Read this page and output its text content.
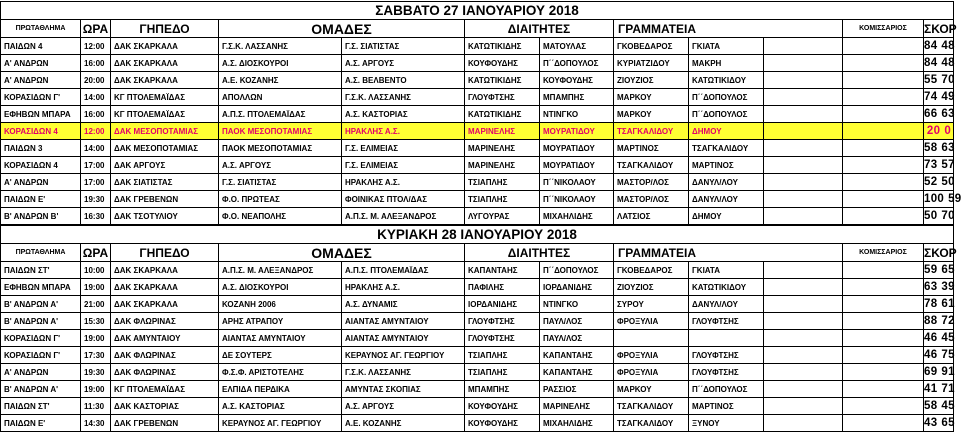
ΣΑΒΒΑΤΟ 27 ΙΑΝΟΥΑΡΙΟΥ 2018											
ΠΡΩΤΑΘΛΗΜΑ	ΩΡΑ	ΓΗΠΕΔΟ	ΟΜΑΔΕΣ		ΔΙΑΙΤΗΤΕΣ		ΓΡΑΜΜΑΤΕΙΑ			ΚΟΜΙΣΣΑΡΙΟΣ	ΣΚΟΡ
ΠΑΙΔΩΝ 4	12:00	ΔΑΚ ΣΚΑΡΚΑΛΑ	Γ.Σ.Κ. ΛΑΣΣΑΝΗΣ	Γ.Σ. ΣΙΑΤΙΣΤΑΣ	ΚΑΤΩΤΙΚΙΔΗΣ	ΜΑΤΟΥΛΑΣ	ΓΚΟΒΕΔΑΡΟΣ	ΓΚΙΑΤΑ			84 48
Α' ΑΝΔΡΩΝ	16:00	ΔΑΚ ΣΚΑΡΚΑΛΑ	Α.Σ. ΔΙΟΣΚΟΥΡΟΙ	Α.Σ. ΑΡΓΟΥΣ	ΚΟΥΦΟΥΔΗΣ	Π΄΄ΔΟΠΟΥΛΟΣ	ΚΥΡΙΑΤΖΙΔΟΥ	ΜΑΚΡΗ			84 48
Α' ΑΝΔΡΩΝ	20:00	ΔΑΚ ΣΚΑΡΚΑΛΑ	Α.Ε. ΚΟΖΑΝΗΣ	Α.Σ. ΒΕΛΒΕΝΤΟ	ΚΑΤΩΤΙΚΙΔΗΣ	ΚΟΥΦΟΥΔΗΣ	ΖΙΟΥΖΙΟΣ	ΚΑΤΩΤΙΚΙΔΟΥ			55 70
ΚΟΡΑΣΙΔΩΝ Γ'	14:00	ΚΓ ΠΤΟΛΕΜΑΪΔΑΣ	ΑΠΟΛΛΩΝ	Γ.Σ.Κ. ΛΑΣΣΑΝΗΣ	ΓΛΟΥΦΤΣΗΣ	ΜΠΑΜΠΗΣ	ΜΑΡΚΟΥ	Π΄΄ΔΟΠΟΥΛΟΣ			74 49
ΕΦΗΒΩΝ ΜΠΑΡΑ	16:00	ΚΓ ΠΤΟΛΕΜΑΪΔΑΣ	Α.Π.Σ. ΠΤΟΛΕΜΑΪΔΑΣ	Α.Σ. ΚΑΣΤΟΡΙΑΣ	ΚΑΤΩΤΙΚΙΔΗΣ	ΝΤΙΝΓΚΟ	ΜΑΡΚΟΥ	Π΄΄ΔΟΠΟΥΛΟΣ			66 63
ΚΟΡΑΣΙΔΩΝ 4	12:00	ΔΑΚ ΜΕΣΟΠΟΤΑΜΙΑΣ	ΠΑΟΚ ΜΕΣΟΠΟΤΑΜΙΑΣ	ΗΡΑΚΛΗΣ Α.Σ.	ΜΑΡΙΝΕΛΗΣ	ΜΟΥΡΑΤΙΔΟΥ	ΤΣΑΓΚΑΛΙΔΟΥ	ΔΗΜΟΥ			20 0
ΠΑΙΔΩΝ 3	14:00	ΔΑΚ ΜΕΣΟΠΟΤΑΜΙΑΣ	ΠΑΟΚ ΜΕΣΟΠΟΤΑΜΙΑΣ	Γ.Σ. ΕΛΙΜΕΙΑΣ	ΜΑΡΙΝΕΛΗΣ	ΜΟΥΡΑΤΙΔΟΥ	ΜΑΡΤΙΝΟΣ	ΤΣΑΓΚΑΛΙΔΟΥ			58 63
ΚΟΡΑΣΙΔΩΝ 4	17:00	ΔΑΚ ΑΡΓΟΥΣ	Α.Σ. ΑΡΓΟΥΣ	Γ.Σ. ΕΛΙΜΕΙΑΣ	ΜΑΡΙΝΕΛΗΣ	ΜΟΥΡΑΤΙΔΟΥ	ΤΣΑΓΚΑΛΙΔΟΥ	ΜΑΡΤΙΝΟΣ			73 57
Α' ΑΝΔΡΩΝ	17:00	ΔΑΚ ΣΙΑΤΙΣΤΑΣ	Γ.Σ. ΣΙΑΤΙΣΤΑΣ	ΗΡΑΚΛΗΣ Α.Σ.	ΤΣΙΑΠΛΗΣ	Π΄΄ΝΙΚΟΛΑΟΥ	ΜΑΣΤΟΡ/ΛΟΣ	ΔΑΝΥΛ/ΛΟΥ			52 50
ΠΑΙΔΩΝ Ε'	19:30	ΔΑΚ ΓΡΕΒΕΝΩΝ	Φ.Ο. ΠΡΩΤΕΑΣ	ΦΟΙΝΙΚΑΣ ΠΤΟΛ/ΔΑΣ	ΤΣΙΑΠΛΗΣ	Π΄΄ΝΙΚΟΛΑΟΥ	ΜΑΣΤΟΡ/ΛΟΣ	ΔΑΝΥΛ/ΛΟΥ			100 59
Β' ΑΝΔΡΩΝ Β'	16:30	ΔΑΚ ΤΣΟΤΥΛΙΟΥ	Φ.Ο. ΝΕΑΠΟΛΗΣ	Α.Π.Σ. Μ. ΑΛΕΞΑΝΔΡΟΣ	ΛΥΓΟΥΡΑΣ	ΜΙΧΑΗΛΙΔΗΣ	ΛΑΤΣΙΟΣ	ΔΗΜΟΥ			50 70
ΚΥΡΙΑΚΗ 28 ΙΑΝΟΥΑΡΙΟΥ 2018											
ΠΡΩΤΑΘΛΗΜΑ	ΩΡΑ	ΓΗΠΕΔΟ	ΟΜΑΔΕΣ		ΔΙΑΙΤΗΤΕΣ		ΓΡΑΜΜΑΤΕΙΑ			ΚΟΜΙΣΣΑΡΙΟΣ	ΣΚΟΡ
ΠΑΙΔΩΝ ΣΤ'	10:00	ΔΑΚ ΣΚΑΡΚΑΛΑ	Α.Π.Σ. Μ. ΑΛΕΞΑΝΔΡΟΣ	Α.Π.Σ. ΠΤΟΛΕΜΑΪΔΑΣ	ΚΑΠΑΝΤΑΗΣ	Π΄΄ΔΟΠΟΥΛΟΣ	ΓΚΟΒΕΔΑΡΟΣ	ΓΚΙΑΤΑ			59 65
ΕΦΗΒΩΝ ΜΠΑΡΑ	19:00	ΔΑΚ ΣΚΑΡΚΑΛΑ	Α.Σ. ΔΙΟΣΚΟΥΡΟΙ	ΗΡΑΚΛΗΣ Α.Σ.	ΠΑΦΙΛΗΣ	ΙΟΡΔΑΝΙΔΗΣ	ΖΙΟΥΖΙΟΣ	ΚΑΤΩΤΙΚΙΔΟΥ			63 39
Β' ΑΝΔΡΩΝ Α'	21:00	ΔΑΚ ΣΚΑΡΚΑΛΑ	ΚΟΖΑΝΗ 2006	Α.Σ. ΔΥΝΑΜΙΣ	ΙΟΡΔΑΝΙΔΗΣ	ΝΤΙΝΓΚΟ	ΣΥΡΟΥ	ΔΑΝΥΛ/ΛΟΥ			78 61
Β' ΑΝΔΡΩΝ Α'	15:30	ΔΑΚ ΦΛΩΡΙΝΑΣ	ΑΡΗΣ ΑΤΡΑΠΟΥ	ΑΙΑΝΤΑΣ ΑΜΥΝΤΑΙΟΥ	ΓΛΟΥΦΤΣΗΣ	ΠΑΥΛ/ΛΟΣ	ΦΡΟΞΥΛΙΑ	ΓΛΟΥΦΤΣΗΣ			88 72
ΚΟΡΑΣΙΔΩΝ Γ'	19:00	ΔΑΚ ΑΜΥΝΤΑΙΟΥ	ΑΙΑΝΤΑΣ ΑΜΥΝΤΑΙΟΥ	ΑΙΑΝΤΑΣ ΑΜΥΝΤΑΙΟΥ	ΓΛΟΥΦΤΣΗΣ	ΠΑΥΛ/ΛΟΣ					46 45
ΚΟΡΑΣΙΔΩΝ Γ'	17:30	ΔΑΚ ΦΛΩΡΙΝΑΣ	ΔΕ ΣΟΥΤΕΡΣ	ΚΕΡΑΥΝΟΣ ΑΓ. ΓΕΩΡΓΙΟΥ	ΤΣΙΑΠΛΗΣ	ΚΑΠΑΝΤΑΗΣ	ΦΡΟΞΥΛΙΑ	ΓΛΟΥΦΤΣΗΣ			46 75
Α' ΑΝΔΡΩΝ	19:30	ΔΑΚ ΦΛΩΡΙΝΑΣ	Φ.Σ.Φ. ΑΡΙΣΤΟΤΕΛΗΣ	Γ.Σ.Κ. ΛΑΣΣΑΝΗΣ	ΤΣΙΑΠΛΗΣ	ΚΑΠΑΝΤΑΗΣ	ΦΡΟΞΥΛΙΑ	ΓΛΟΥΦΤΣΗΣ			69 91
Β' ΑΝΔΡΩΝ Α'	19:00	ΚΓ ΠΤΟΛΕΜΑΪΔΑΣ	ΕΛΠΙΔΑ ΠΕΡΔΙΚΑ	ΑΜΥΝΤΑΣ ΣΚΟΠΙΑΣ	ΜΠΑΜΠΗΣ	ΡΑΣΣΙΟΣ	ΜΑΡΚΟΥ	Π΄΄ΔΟΠΟΥΛΟΣ			41 71
ΠΑΙΔΩΝ ΣΤ'	11:30	ΔΑΚ ΚΑΣΤΟΡΙΑΣ	Α.Σ. ΚΑΣΤΟΡΙΑΣ	Α.Σ. ΑΡΓΟΥΣ	ΚΟΥΦΟΥΔΗΣ	ΜΑΡΙΝΕΛΗΣ	ΤΣΑΓΚΑΛΙΔΟΥ	ΜΑΡΤΙΝΟΣ			58 45
ΠΑΙΔΩΝ Ε'	14:30	ΔΑΚ ΓΡΕΒΕΝΩΝ	ΚΕΡΑΥΝΟΣ ΑΓ. ΓΕΩΡΓΙΟΥ	Α.Ε. ΚΟΖΑΝΗΣ	ΚΟΥΦΟΥΔΗΣ	ΜΙΧΑΗΛΙΔΗΣ	ΤΣΑΓΚΑΛΙΔΟΥ	ΞΥΝΟΥ			43 65
